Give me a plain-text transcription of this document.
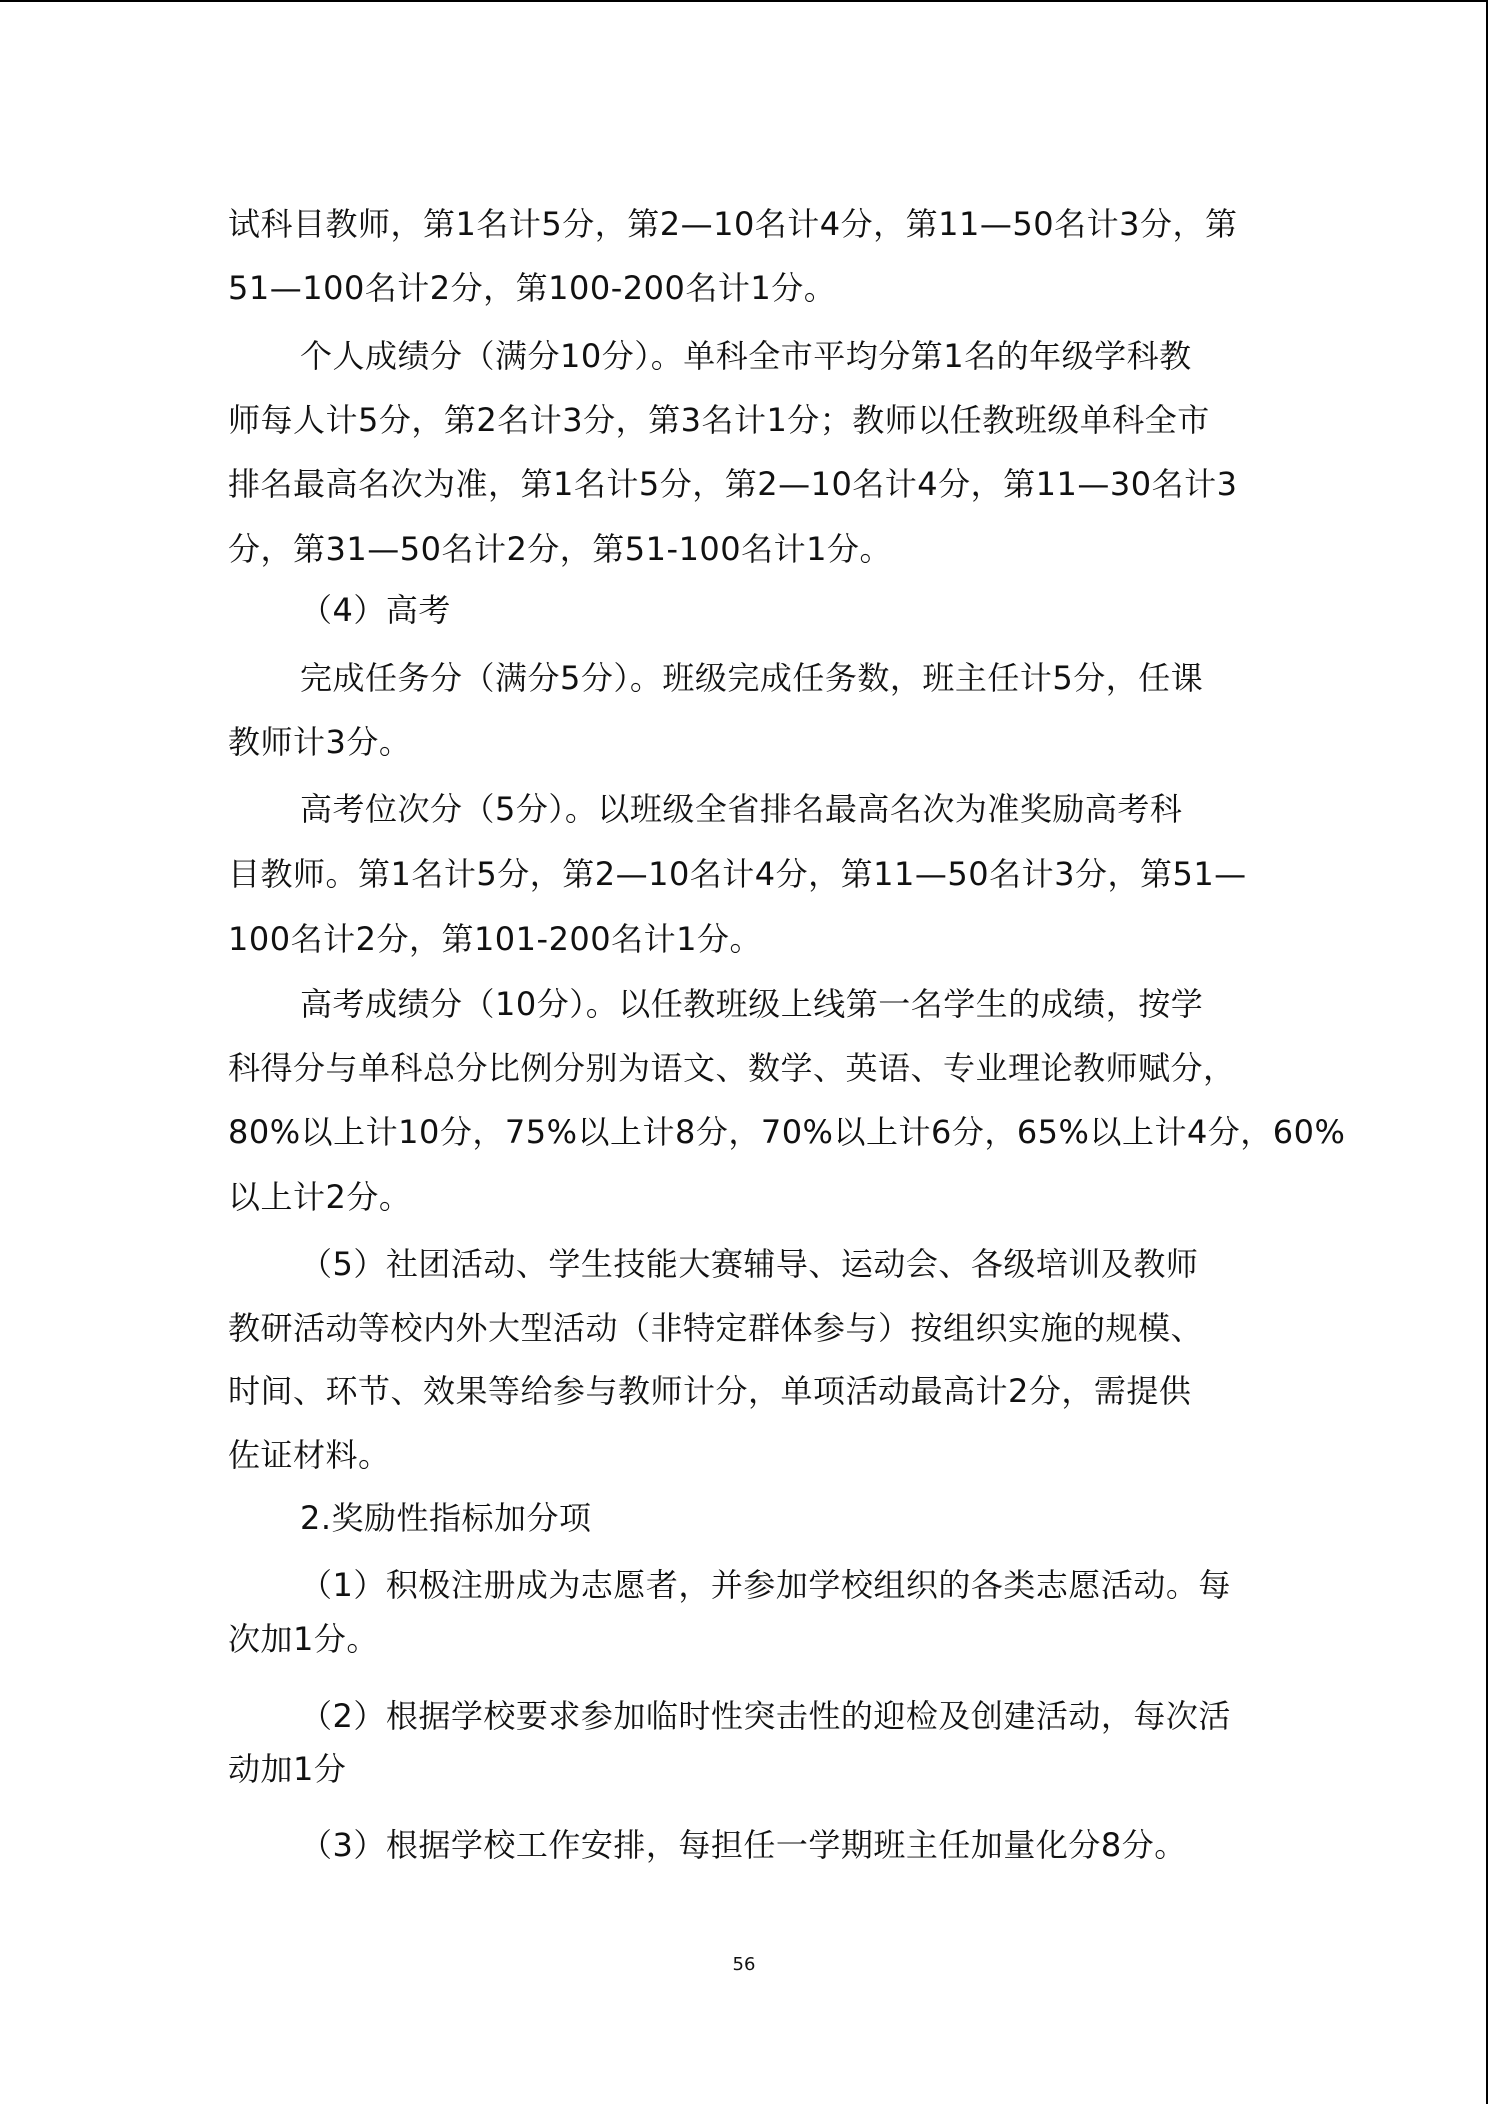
试科目教师，第1名计5分，第2—10名计4分，第11—50名计3分，第
51—100名计2分，第100-200名计1分。
个人成绩分（满分10分）。单科全市平均分第1名的年级学科教
师每人计5分，第2名计3分，第3名计1分；教师以任教班级单科全市
排名最高名次为准，第1名计5分，第2—10名计4分，第11—30名计3
分，第31—50名计2分，第51-100名计1分。
（4）高考
完成任务分（满分5分）。班级完成任务数，班主任计5分，任课
教师计3分。
高考位次分（5分）。以班级全省排名最高名次为准奖励高考科
目教师。第1名计5分，第2—10名计4分，第11—50名计3分，第51—
100名计2分，第101-200名计1分。
高考成绩分（10分）。以任教班级上线第一名学生的成绩，按学
科得分与单科总分比例分别为语文、数学、英语、专业理论教师赋分，
80%以上计10分，75%以上计8分，70%以上计6分，65%以上计4分，60%
以上计2分。
（5）社团活动、学生技能大赛辅导、运动会、各级培训及教师
教研活动等校内外大型活动（非特定群体参与）按组织实施的规模、
时间、环节、效果等给参与教师计分，单项活动最高计2分，需提供
佐证材料。
2.奖励性指标加分项
（1）积极注册成为志愿者，并参加学校组织的各类志愿活动。每
次加1分。
（2）根据学校要求参加临时性突击性的迎检及创建活动，每次活
动加1分
（3）根据学校工作安排，每担任一学期班主任加量化分8分。
56
